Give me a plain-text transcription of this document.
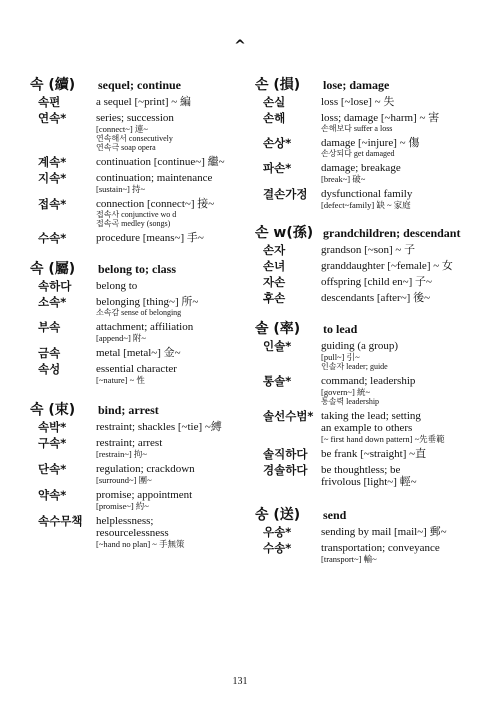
^
속 (續)	sequel; continue
속편	a sequel [~print] ~ 編
연속*	series; succession
[connect~] 連~
연속해서 consecutively
연속극 soap opera
계속*	continuation [continue~] 繼~
지속*	continuation; maintenance
[sustain~] 持~
접속*	connection [connect~] 接~
접속사 conjunctive wo d
접속곡 medley (songs)
수속*	procedure [means~] 手~
속 (屬)	belong to; class
속하다	belong to
소속*	belonging [thing~] 所~
소속감 sense of belonging
부속	attachment; affiliation
[append~] 附~
금속	metal [metal~] 金~
속성	essential character
[~nature] ~ 性
속 (束)	bind; arrest
속박*	restraint; shackles [~tie] ~縛
구속*	restraint; arrest
[restrain~] 拘~
단속*	regulation; crackdown
[surround~] 團~
약속*	promise; appointment
[promise~] 約~
속수무책	helplessness;
resourcelessness
[~hand no plan] ~ 手無策
손 (損)	lose; damage
손실	loss [~lose] ~ 失
손해	loss; damage [~harm] ~ 害
손해보다 suffer a loss
손상*	damage [~injure] ~ 傷
손상되다 get damaged
파손*	damage; breakage
[break~] 破~
결손가정	dysfunctional family
[defect~family] 缺 ~ 家庭
손 w(孫) grandchildren; descendant
손자	grandson [~son] ~ 子
손녀	granddaughter [~female] ~ 女
자손	offspring [child en~] 子~
후손	descendants [after~] 後~
솔 (率)	to lead
인솔*	guiding (a group)
[pull~] 引~
인솔자 leader; guide
통솔*	command; leadership
[govern~] 統~
통솔력 leadership
솔선수범* taking the lead; setting
an example to others
[~ first hand down pattern] ~先垂範
솔직하다	be frank [~straight] ~直
경솔하다	be thoughtless; be
frivolous [light~] 輕~
송 (送)	send
우송*	sending by mail [mail~] 郵~
수송*	transportation; conveyance
[transport~] 輸~
131
